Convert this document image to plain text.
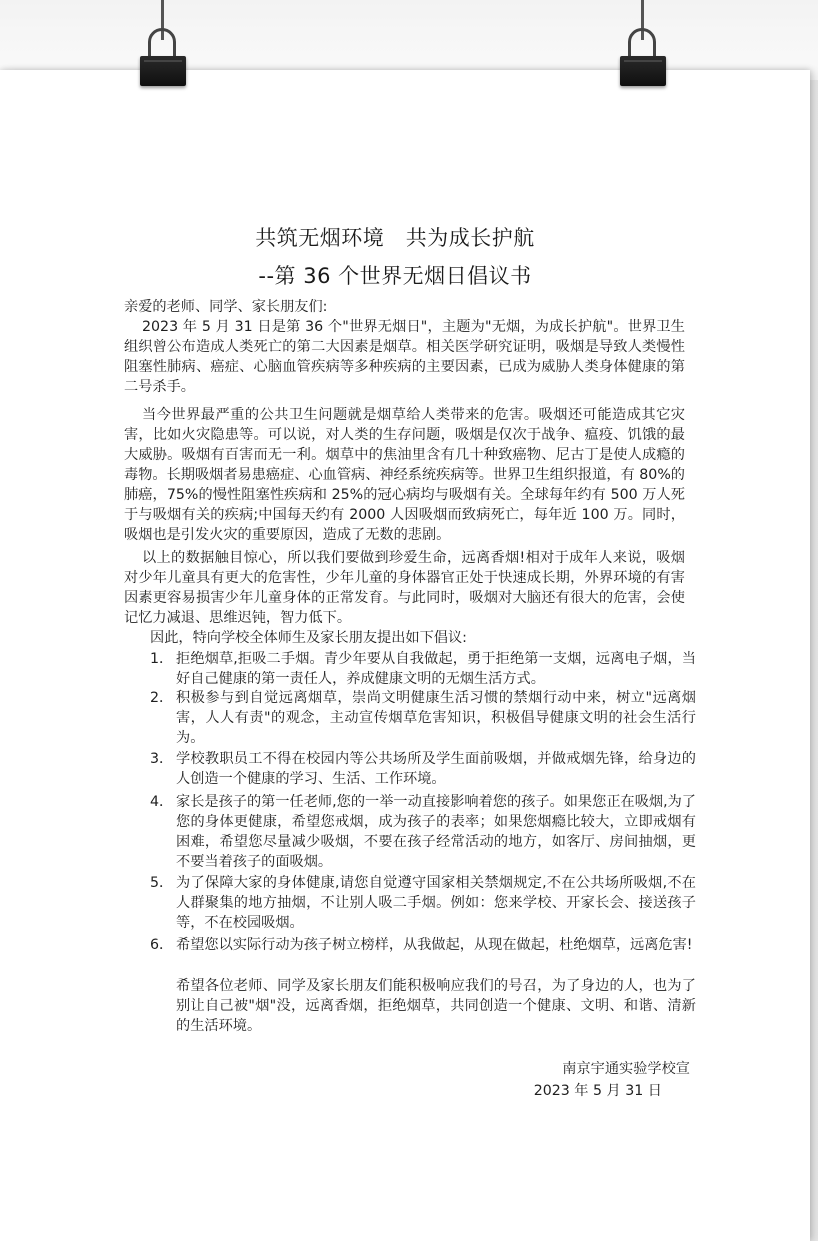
共筑无烟环境　共为成长护航
--第 36 个世界无烟日倡议书
亲爱的老师、同学、家长朋友们:
2023 年 5 月 31 日是第 36 个"世界无烟日"，主题为"无烟，为成长护航"。世界卫生组织曾公布造成人类死亡的第二大因素是烟草。相关医学研究证明，吸烟是导致人类慢性阻塞性肺病、癌症、心脑血管疾病等多种疾病的主要因素，已成为威胁人类身体健康的第二号杀手。
当今世界最严重的公共卫生问题就是烟草给人类带来的危害。吸烟还可能造成其它灾害，比如火灾隐患等。可以说，对人类的生存问题，吸烟是仅次于战争、瘟疫、饥饿的最大威胁。吸烟有百害而无一利。烟草中的焦油里含有几十种致癌物、尼古丁是使人成瘾的毒物。长期吸烟者易患癌症、心血管病、神经系统疾病等。世界卫生组织报道，有 80%的肺癌，75%的慢性阻塞性疾病和 25%的冠心病均与吸烟有关。全球每年约有 500 万人死于与吸烟有关的疾病;中国每天约有 2000 人因吸烟而致病死亡，每年近 100 万。同时，吸烟也是引发火灾的重要原因，造成了无数的悲剧。
以上的数据触目惊心，所以我们要做到珍爱生命，远离香烟!相对于成年人来说，吸烟对少年儿童具有更大的危害性，少年儿童的身体器官正处于快速成长期，外界环境的有害因素更容易损害少年儿童身体的正常发育。与此同时，吸烟对大脑还有很大的危害，会使记忆力减退、思维迟钝，智力低下。
因此，特向学校全体师生及家长朋友提出如下倡议:
1． 拒绝烟草,拒吸二手烟。青少年要从自我做起，勇于拒绝第一支烟，远离电子烟，当好自己健康的第一责任人，养成健康文明的无烟生活方式。
2． 积极参与到自觉远离烟草，崇尚文明健康生活习惯的禁烟行动中来，树立"远离烟害，人人有责"的观念，主动宣传烟草危害知识，积极倡导健康文明的社会生活行为。
3． 学校教职员工不得在校园内等公共场所及学生面前吸烟，并做戒烟先锋，给身边的人创造一个健康的学习、生活、工作环境。
4． 家长是孩子的第一任老师,您的一举一动直接影响着您的孩子。如果您正在吸烟,为了您的身体更健康，希望您戒烟，成为孩子的表率；如果您烟瘾比较大，立即戒烟有困难，希望您尽量减少吸烟，不要在孩子经常活动的地方，如客厅、房间抽烟，更不要当着孩子的面吸烟。
5． 为了保障大家的身体健康,请您自觉遵守国家相关禁烟规定,不在公共场所吸烟,不在人群聚集的地方抽烟，不让别人吸二手烟。例如：您来学校、开家长会、接送孩子等，不在校园吸烟。
6． 希望您以实际行动为孩子树立榜样，从我做起，从现在做起，杜绝烟草，远离危害!
希望各位老师、同学及家长朋友们能积极响应我们的号召，为了身边的人，也为了别让自己被"烟"没，远离香烟，拒绝烟草，共同创造一个健康、文明、和谐、清新的生活环境。
南京宇通实验学校宣
2023 年 5 月 31 日
